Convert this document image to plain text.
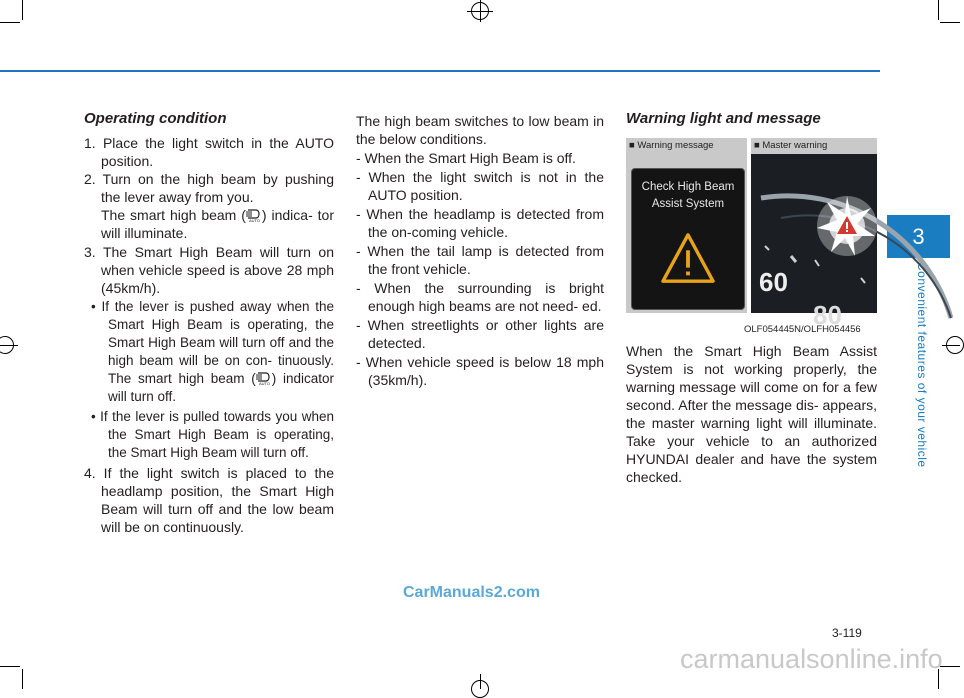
3
Convenient features of your vehicle
Operating condition
1. Place the light switch in the AUTO position.
2. Turn on the high beam by pushing the lever away from you.
The smart high beam ( AUTO ) indica- tor will illuminate.
3. The Smart High Beam will turn on when vehicle speed is above 28 mph (45km/h).
• If the lever is pushed away when the Smart High Beam is operating, the Smart High Beam will turn off and the high beam will be on con- tinuously. The smart high beam ( AUTO ) indicator will turn off.
• If the lever is pulled towards you when the Smart High Beam is operating, the Smart High Beam will turn off.
4. If the light switch is placed to the headlamp position, the Smart High Beam will turn off and the low beam will be on continuously.
The high beam switches to low beam in the below conditions.
- When the Smart High Beam is off.
- When the light switch is not in the AUTO position.
- When the headlamp is detected from the on-coming vehicle.
- When the tail lamp is detected from the front vehicle.
- When the surrounding is bright enough high beams are not need- ed.
- When streetlights or other lights are detected.
- When vehicle speed is below 18 mph (35km/h).
Warning light and message
■ Warning message
Check High Beam
Assist System
■ Master warning
60
80
OLF054445N/OLFH054456
When the Smart High Beam Assist System is not working properly, the warning message will come on for a few second. After the message dis- appears, the master warning light will illuminate. Take your vehicle to an authorized HYUNDAI dealer and have the system checked.
CarManuals2.com
3-119
carmanualsonline.info
